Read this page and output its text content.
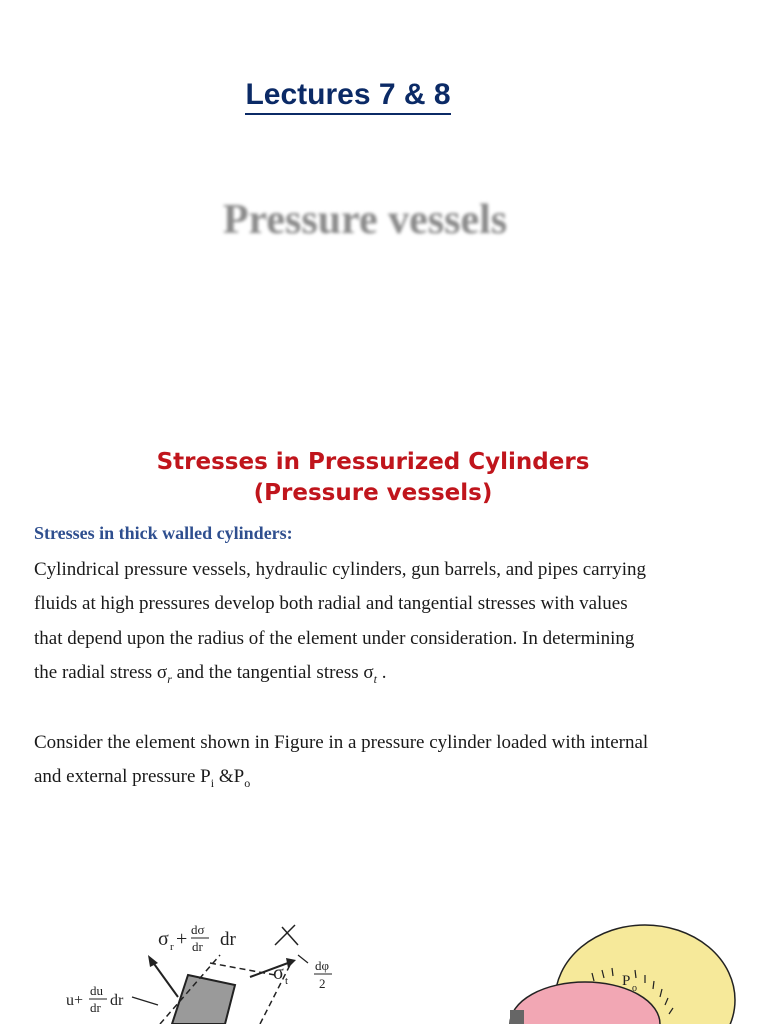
Lectures 7 & 8
Pressure vessels
Stresses in Pressurized Cylinders
(Pressure vessels)
Stresses in thick walled cylinders:
Cylindrical pressure vessels, hydraulic cylinders, gun barrels, and pipes carrying
fluids at high pressures develop both radial and tangential stresses with values
that depend upon the radius of the element under consideration. In determining
the radial stress $\sigma_r$ and the tangential stress $\sigma_t$ .
Consider the element shown in Figure in a pressure cylinder loaded with internal
and external pressure $P_i$ $\&P_o$
σ r + dσ
dr dr
u+
du
dr dr
σ t
dφ
2	P o
